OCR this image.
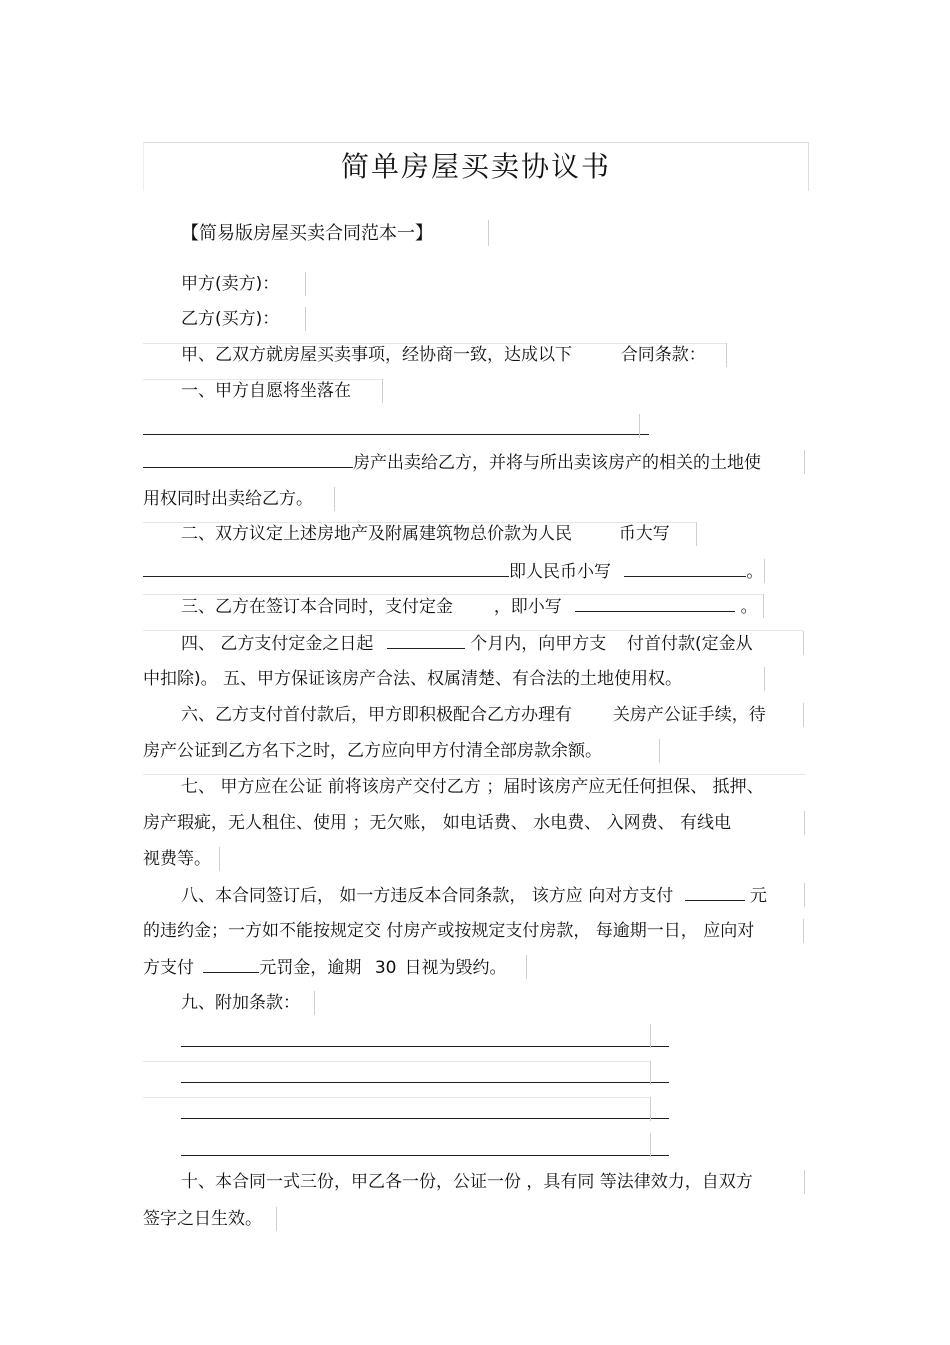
简单房屋买卖协议书
【简易版房屋买卖合同范本一】
甲方(卖方)：
乙方(买方)：
甲、乙双方就房屋买卖事项，经协商一致，达成以下	合同条款：
一、甲方自愿将坐落在
房产出卖给乙方，并将与所出卖该房产的相关的土地使
用权同时出卖给乙方。
二、双方议定上述房地产及附属建筑物总价款为人民	币大写
即人民币小写	。
三、乙方在签订本合同时，支付定金 ，即小写	。
四、 乙方支付定金之日起	个月内，向甲方支 付首付款(定金从
中扣除)。 五、甲方保证该房产合法、权属清楚、有合法的土地使用权。
六、乙方支付首付款后，甲方即积极配合乙方办理有 关房产公证手续，待
房产公证到乙方名下之时，乙方应向甲方付清全部房款余额。
七、 甲方应在公证 前将该房产交付乙方 ；届时该房产应无任何担保、 抵押、
房产瑕疵，无人租住、使用 ；无欠账， 如电话费、 水电费、 入网费、 有线电
视费等。
八、本合同签订后， 如一方违反本合同条款， 该方应 向对方支付	元
的违约金；一方如不能按规定交 付房产或按规定支付房款， 每逾期一日， 应向对
方支付	元罚金，逾期 30 日视为毁约。
九、附加条款：
十、本合同一式三份，甲乙各一份，公证一份 ，具有同 等法律效力，自双方
签字之日生效。
